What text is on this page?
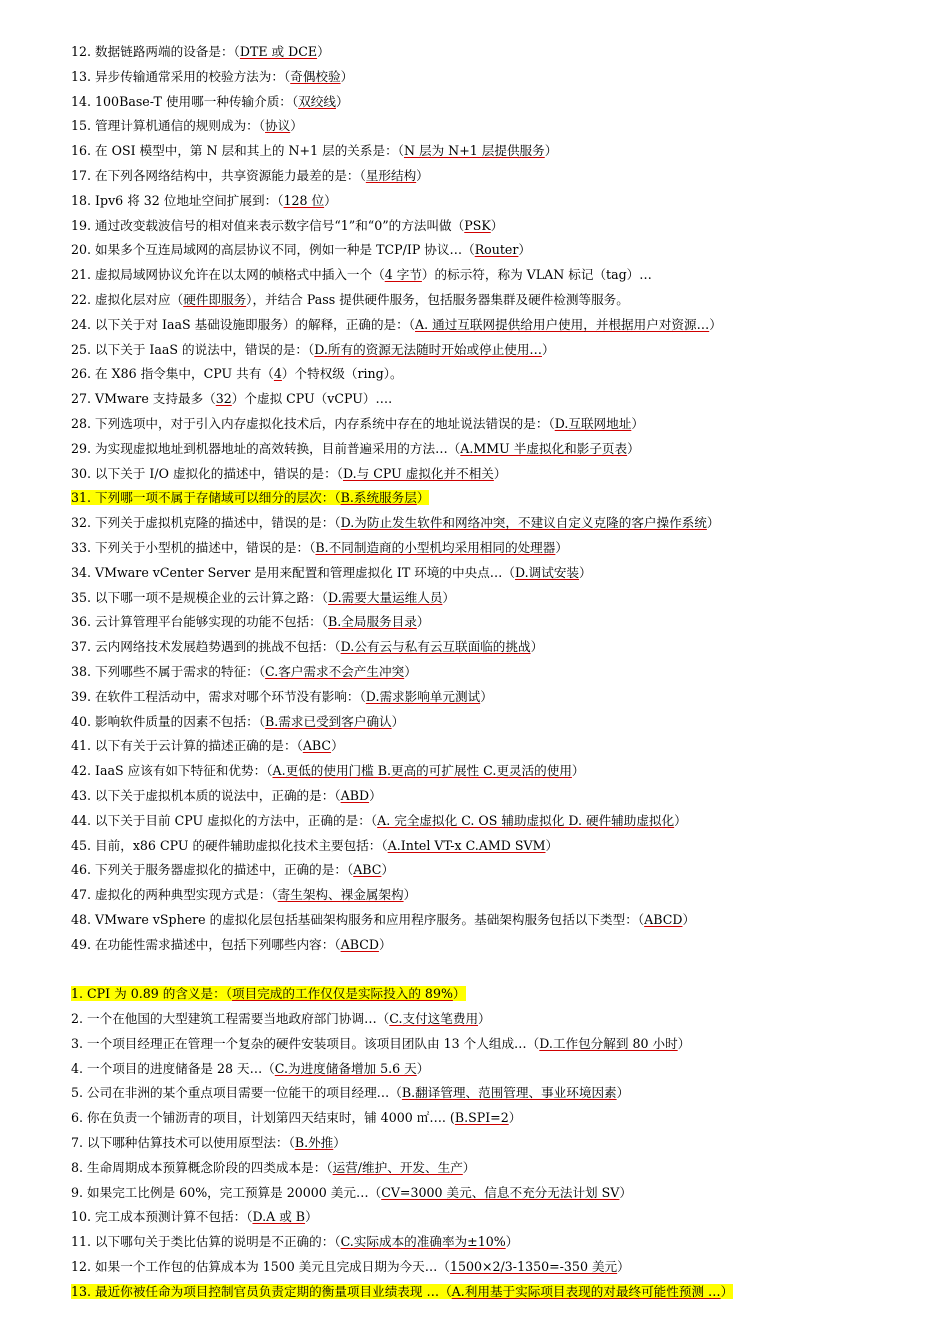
12. 数据链路两端的设备是：（DTE 或 DCE）
13. 异步传输通常采用的校验方法为：（奇偶校验）
14. 100Base-T 使用哪一种传输介质：（双绞线）
15. 管理计算机通信的规则成为：（协议）
16. 在 OSI 模型中，第 N 层和其上的 N+1 层的关系是：（N 层为 N+1 层提供服务）
17. 在下列各网络结构中，共享资源能力最差的是：（星形结构）
18. Ipv6 将 32 位地址空间扩展到：（128 位）
19. 通过改变载波信号的相对值来表示数字信号“1”和“0”的方法叫做（PSK）
20. 如果多个互连局域网的高层协议不同，例如一种是 TCP/IP 协议…（Router）
21. 虚拟局域网协议允许在以太网的帧格式中插入一个（4 字节）的标示符，称为 VLAN 标记（tag）…
22. 虚拟化层对应（硬件即服务），并结合 Pass 提供硬件服务，包括服务器集群及硬件检测等服务。
24. 以下关于对 IaaS 基础设施即服务）的解释，正确的是：（A. 通过互联网提供给用户使用，并根据用户对资源…）
25. 以下关于 IaaS 的说法中，错误的是：（D.所有的资源无法随时开始或停止使用…）
26. 在 X86 指令集中，CPU 共有（4）个特权级（ring）。
27. VMware 支持最多（32）个虚拟 CPU（vCPU）….
28. 下列选项中，对于引入内存虚拟化技术后，内存系统中存在的地址说法错误的是：（D.互联网地址）
29. 为实现虚拟地址到机器地址的高效转换，目前普遍采用的方法…（A.MMU 半虚拟化和影子页表）
30. 以下关于 I/O 虚拟化的描述中，错误的是：（D.与 CPU 虚拟化并不相关）
31. 下列哪一项不属于存储域可以细分的层次：（B.系统服务层）
32. 下列关于虚拟机克隆的描述中，错误的是：（D.为防止发生软件和网络冲突，不建议自定义克隆的客户操作系统）
33. 下列关于小型机的描述中，错误的是：（B.不同制造商的小型机均采用相同的处理器）
34. VMware vCenter Server 是用来配置和管理虚拟化 IT 环境的中央点…（D.调试安装）
35. 以下哪一项不是规模企业的云计算之路：（D.需要大量运维人员）
36. 云计算管理平台能够实现的功能不包括：（B.全局服务目录）
37. 云内网络技术发展趋势遇到的挑战不包括：（D.公有云与私有云互联面临的挑战）
38. 下列哪些不属于需求的特征：（C.客户需求不会产生冲突）
39. 在软件工程活动中，需求对哪个环节没有影响：（D.需求影响单元测试）
40. 影响软件质量的因素不包括：（B.需求已受到客户确认）
41. 以下有关于云计算的描述正确的是：（ABC）
42. IaaS 应该有如下特征和优势：（A.更低的使用门槛 B.更高的可扩展性 C.更灵活的使用）
43. 以下关于虚拟机本质的说法中，正确的是：（ABD）
44. 以下关于目前 CPU 虚拟化的方法中，正确的是：（A. 完全虚拟化 C. OS 辅助虚拟化 D. 硬件辅助虚拟化）
45. 目前，x86 CPU 的硬件辅助虚拟化技术主要包括：（A.Intel VT-x C.AMD SVM）
46. 下列关于服务器虚拟化的描述中，正确的是：（ABC）
47. 虚拟化的两种典型实现方式是：（寄生架构、裸金属架构）
48. VMware vSphere 的虚拟化层包括基础架构服务和应用程序服务。基础架构服务包括以下类型：（ABCD）
49. 在功能性需求描述中，包括下列哪些内容：（ABCD）
1. CPI 为 0.89 的含义是：（项目完成的工作仅仅是实际投入的 89%）
2. 一个在他国的大型建筑工程需要当地政府部门协调…（C.支付这笔费用）
3. 一个项目经理正在管理一个复杂的硬件安装项目。该项目团队由 13 个人组成…（D.工作包分解到 80 小时）
4. 一个项目的进度储备是 28 天…（C.为进度储备增加 5.6 天）
5. 公司在非洲的某个重点项目需要一位能干的项目经理…（B.翻译管理、范围管理、事业环境因素）
6. 你在负责一个铺沥青的项目，计划第四天结束时，铺 4000 ㎡…. (B.SPI=2）
7. 以下哪种估算技术可以使用原型法：（B.外推）
8. 生命周期成本预算概念阶段的四类成本是：（运营/维护、开发、生产）
9. 如果完工比例是 60%，完工预算是 20000 美元…（CV=3000 美元、信息不充分无法计划 SV）
10. 完工成本预测计算不包括：（D.A 或 B）
11. 以下哪句关于类比估算的说明是不正确的：（C.实际成本的准确率为±10%）
12. 如果一个工作包的估算成本为 1500 美元且完成日期为今天…（1500×2/3-1350=-350 美元）
13. 最近你被任命为项目控制官员负责定期的衡量项目业绩表现 …（A.利用基于实际项目表现的对最终可能性预测 …）
